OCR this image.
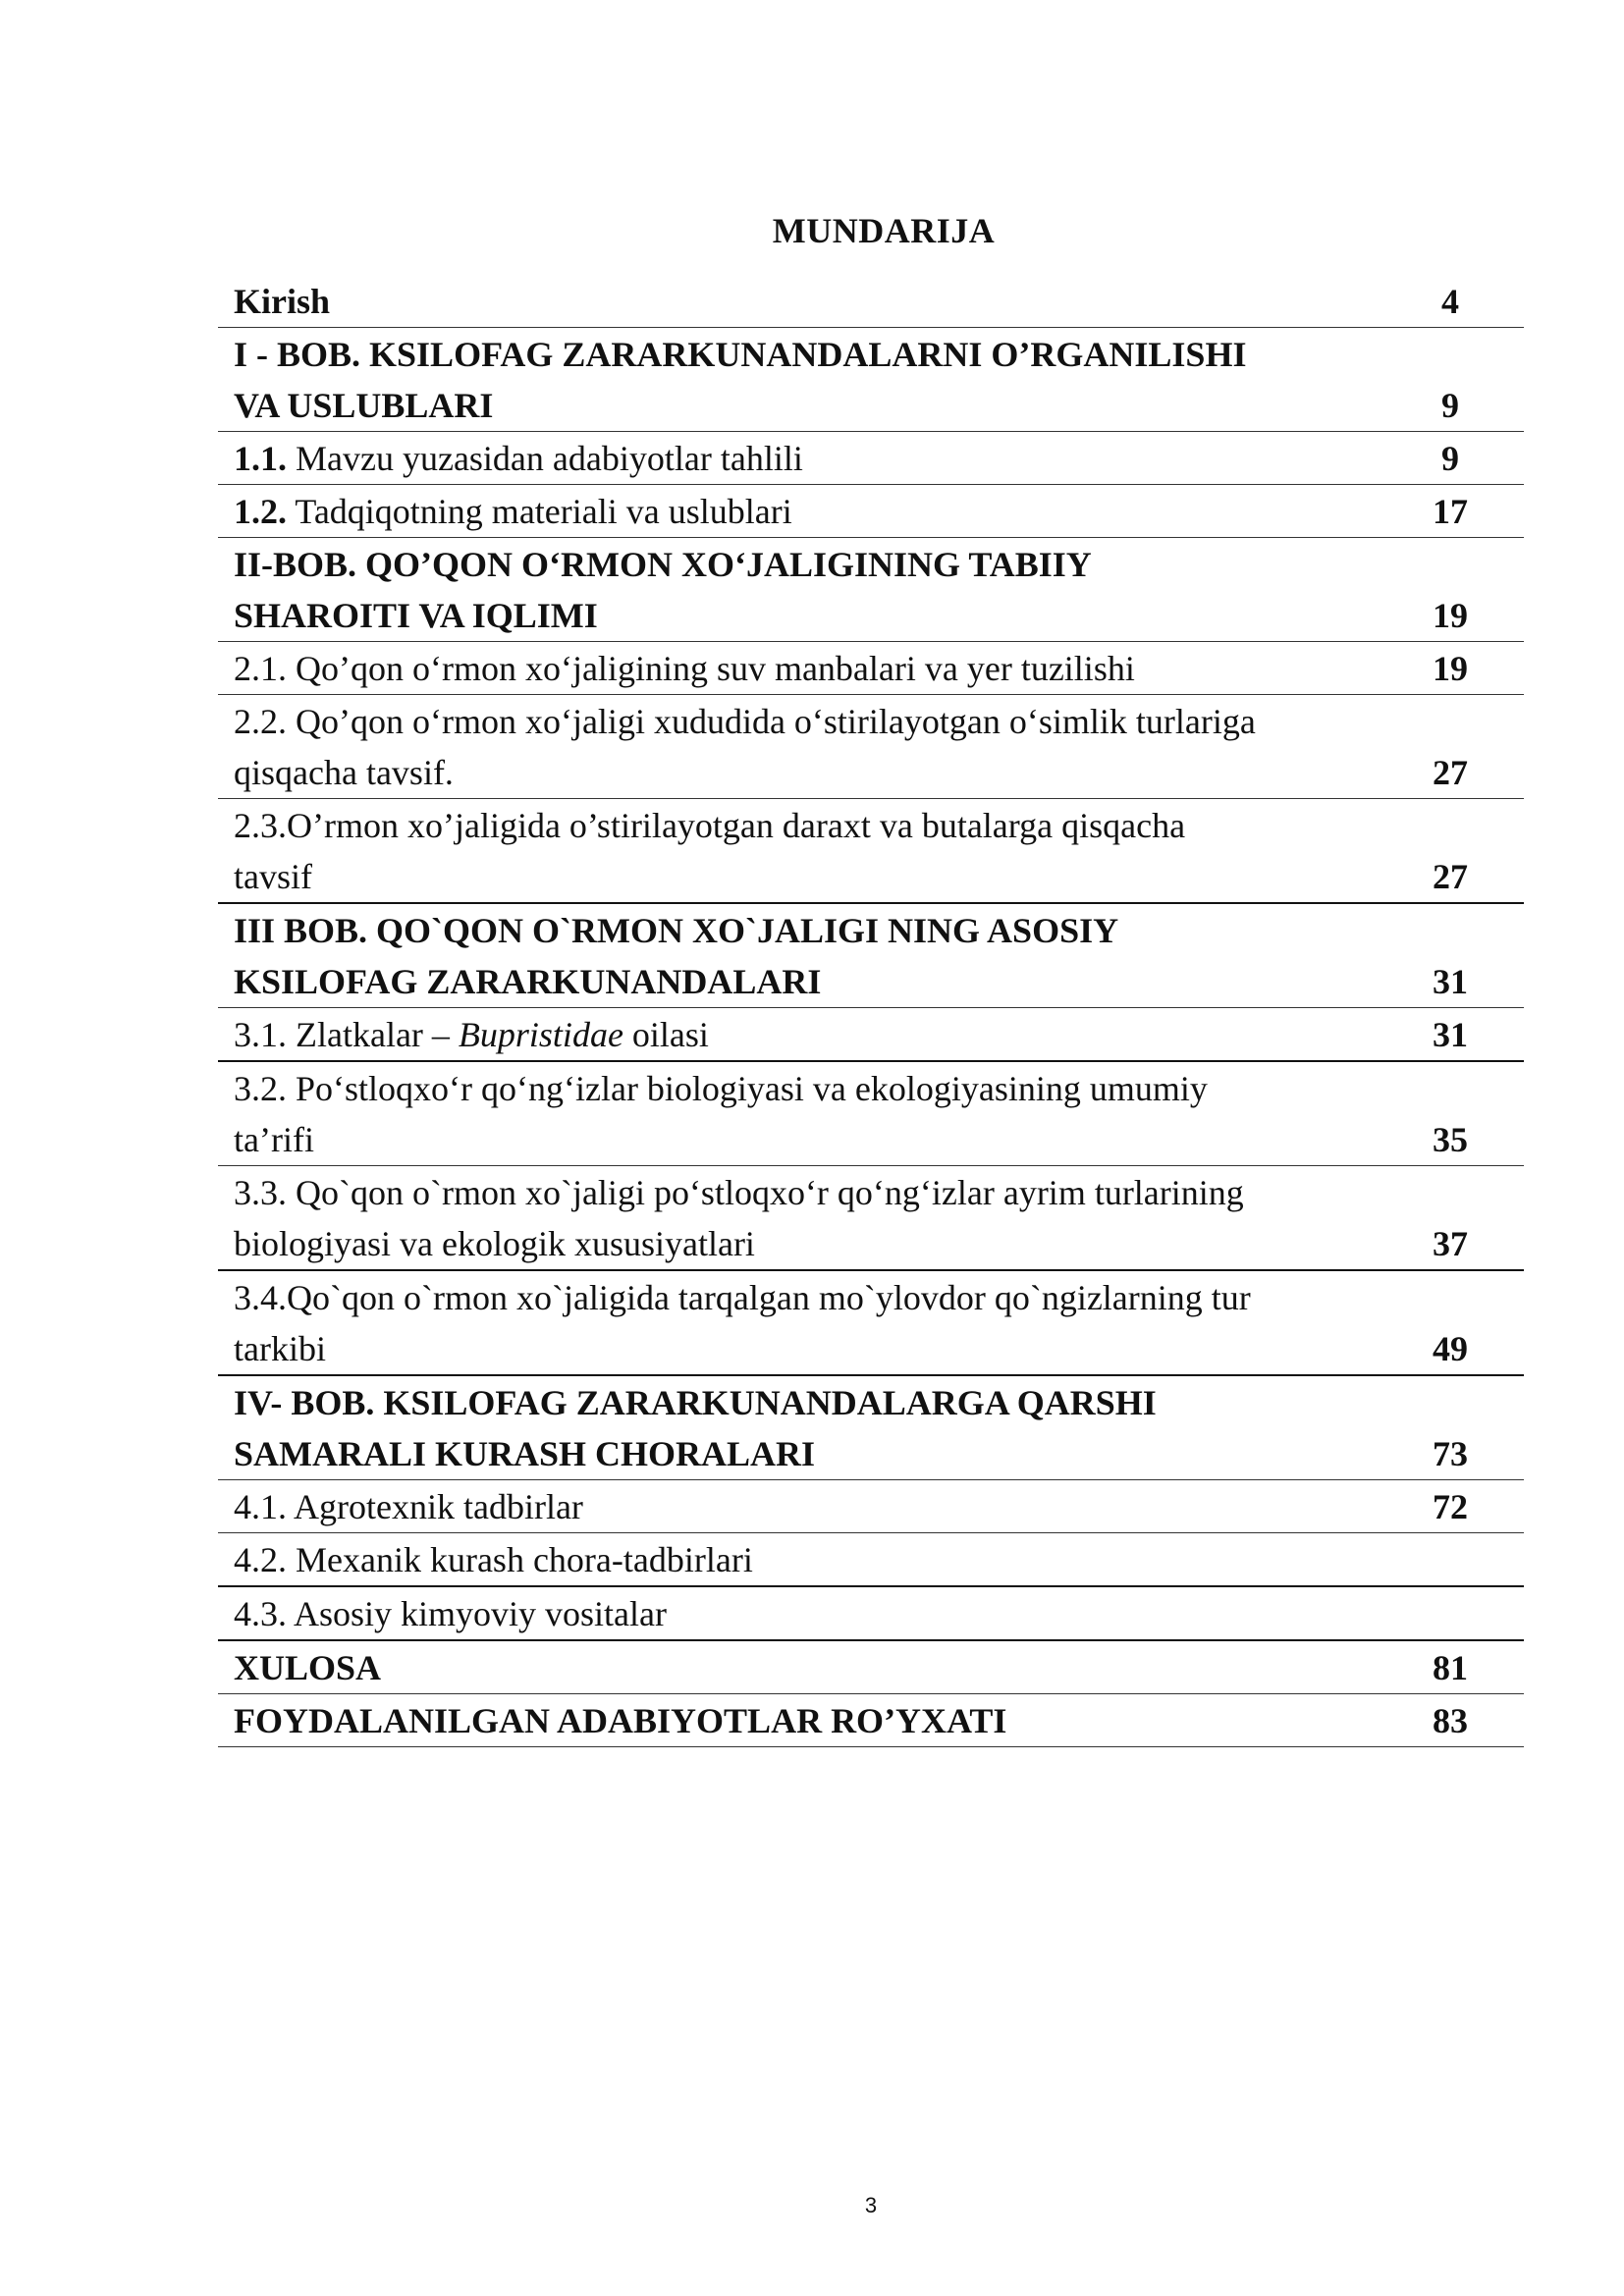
MUNDARIJA
Kirish	4
I - BOB. KSILOFAG ZARARKUNANDALARNI O’RGANILISHI
VA USLUBLARI	9
1.1. Mavzu yuzasidan adabiyotlar tahlili	9
1.2. Tadqiqotning materiali va uslublari	17
II-BOB. QO’QON O‘RMON XO‘JALIGINING TABIIY
SHAROITI VA IQLIMI	19
2.1. Qo’qon o‘rmon xo‘jaligining suv manbalari va yer tuzilishi	19
2.2. Qo’qon o‘rmon xo‘jaligi xududida o‘stirilayotgan o‘simlik turlariga
qisqacha tavsif.	27
2.3.O’rmon xo’jaligida o’stirilayotgan daraxt va butalarga qisqacha
tavsif	27
III BOB. QO`QON O`RMON XO`JALIGI NING ASOSIY
KSILOFAG ZARARKUNANDALARI	31
3.1. Zlatkalar – Bupristidae oilasi	31
3.2. Po‘stloqxo‘r qo‘ng‘izlar biologiyasi va ekologiyasining umumiy
ta’rifi	35
3.3. Qo`qon o`rmon xo`jaligi po‘stloqxo‘r qo‘ng‘izlar ayrim turlarining
biologiyasi va ekologik xususiyatlari	37
3.4.Qo`qon o`rmon xo`jaligida tarqalgan mo`ylovdor qo`ngizlarning tur
tarkibi	49
IV- BOB. KSILOFAG ZARARKUNANDALARGA QARSHI
SAMARALI KURASH CHORALARI	73
4.1. Agrotexnik tadbirlar	72
4.2. Mexanik kurash chora-tadbirlari
4.3. Asosiy kimyoviy vositalar
XULOSA	81
FOYDALANILGAN ADABIYOTLAR RO’YXATI	83
3
